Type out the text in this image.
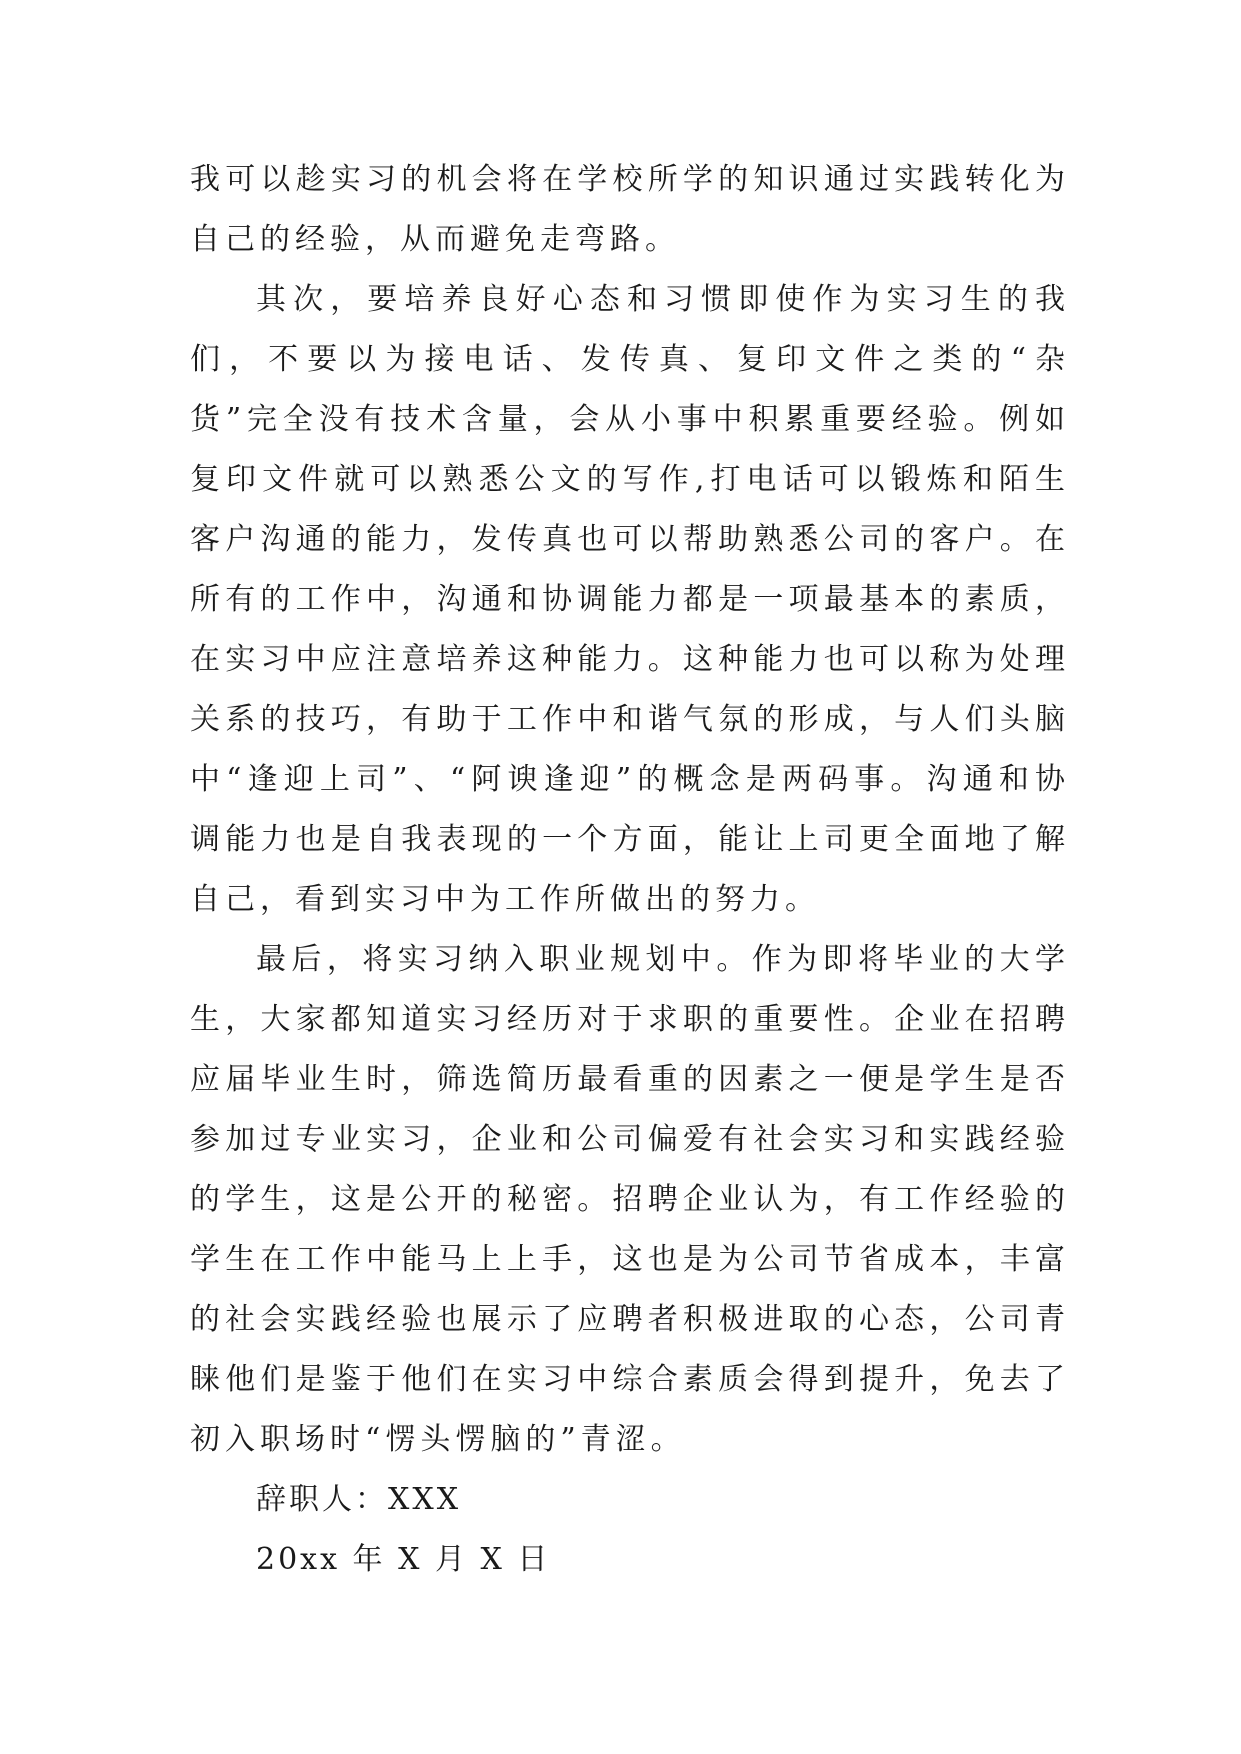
我可以趁实习的机会将在学校所学的知识通过实践转化为自己的经验，从而避免走弯路。

其次，要培养良好心态和习惯即使作为实习生的我们，不要以为接电话、发传真、复印文件之类的“杂货”完全没有技术含量，会从小事中积累重要经验。例如复印文件就可以熟悉公文的写作,打电话可以锻炼和陌生客户沟通的能力，发传真也可以帮助熟悉公司的客户。在所有的工作中，沟通和协调能力都是一项最基本的素质，在实习中应注意培养这种能力。这种能力也可以称为处理关系的技巧，有助于工作中和谐气氛的形成，与人们头脑中“逢迎上司”、“阿谀逢迎”的概念是两码事。沟通和协调能力也是自我表现的一个方面，能让上司更全面地了解自己，看到实习中为工作所做出的努力。

最后，将实习纳入职业规划中。作为即将毕业的大学生，大家都知道实习经历对于求职的重要性。企业在招聘应届毕业生时，筛选简历最看重的因素之一便是学生是否参加过专业实习，企业和公司偏爱有社会实习和实践经验的学生，这是公开的秘密。招聘企业认为，有工作经验的学生在工作中能马上上手，这也是为公司节省成本，丰富的社会实践经验也展示了应聘者积极进取的心态，公司青睐他们是鉴于他们在实习中综合素质会得到提升，免去了初入职场时“愣头愣脑的”青涩。

辞职人：XXX

20xx 年 X 月 X 日
